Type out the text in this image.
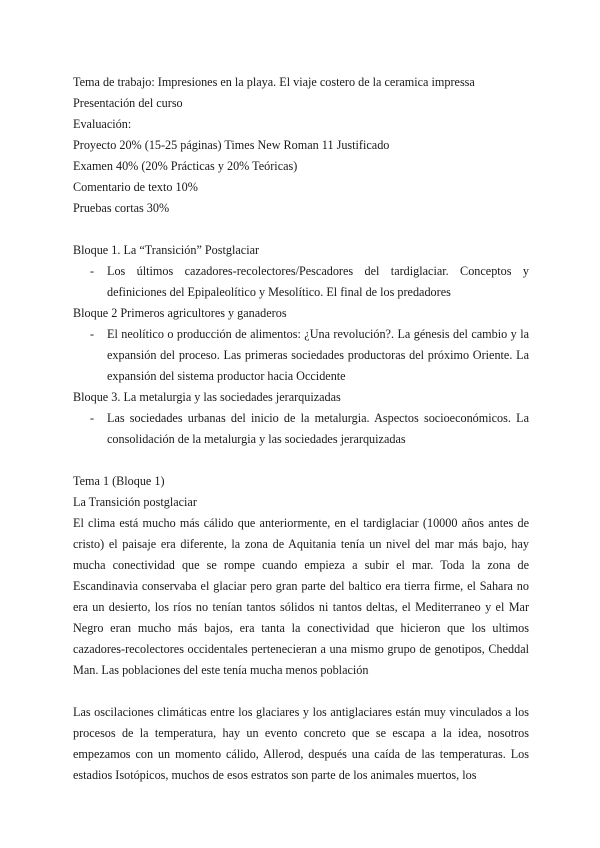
Tema de trabajo: Impresiones en la playa. El viaje costero de la ceramica impressa
Presentación del curso
Evaluación:
Proyecto 20% (15-25 páginas) Times New Roman 11 Justificado
Examen 40% (20% Prácticas y 20% Teóricas)
Comentario de texto 10%
Pruebas cortas 30%
Bloque 1. La “Transición” Postglaciar
- Los últimos cazadores-recolectores/Pescadores del tardiglaciar. Conceptos y definiciones del Epipaleolítico y Mesolítico. El final de los predadores
Bloque 2 Primeros agricultores y ganaderos
- El neolítico o producción de alimentos: ¿Una revolución?. La génesis del cambio y la expansión del proceso. Las primeras sociedades productoras del próximo Oriente. La expansión del sistema productor hacia Occidente
Bloque 3. La metalurgia y las sociedades jerarquizadas
- Las sociedades urbanas del inicio de la metalurgia. Aspectos socioeconómicos. La consolidación de la metalurgia y las sociedades jerarquizadas
Tema 1 (Bloque 1)
La Transición postglaciar
El clima está mucho más cálido que anteriormente, en el tardiglaciar (10000 años antes de cristo) el paisaje era diferente, la zona de Aquitania tenía un nivel del mar más bajo, hay mucha conectividad que se rompe cuando empieza a subir el mar. Toda la zona de Escandinavia conservaba el glaciar pero gran parte del baltico era tierra firme, el Sahara no era un desierto, los ríos no tenían tantos sólidos ni tantos deltas, el Mediterraneo y el Mar Negro eran mucho más bajos, era tanta la conectividad que hicieron que los ultimos cazadores-recolectores occidentales pertenecieran a una mismo grupo de genotipos, Cheddal Man. Las poblaciones del este tenía mucha menos población
Las oscilaciones climáticas entre los glaciares y los antiglaciares están muy vinculados a los procesos de la temperatura, hay un evento concreto que se escapa a la idea, nosotros empezamos con un momento cálido, Allerod, después una caída de las temperaturas. Los estadios Isotópicos, muchos de esos estratos son parte de los animales muertos, los
